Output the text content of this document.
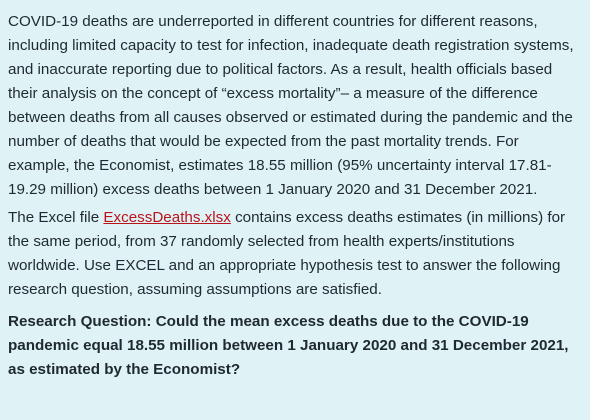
COVID-19 deaths are underreported in different countries for different reasons, including limited capacity to test for infection, inadequate death registration systems, and inaccurate reporting due to political factors. As a result, health officials based their analysis on the concept of “excess mortality”– a measure of the difference between deaths from all causes observed or estimated during the pandemic and the number of deaths that would be expected from the past mortality trends. For example, the Economist, estimates 18.55 million (95% uncertainty interval 17.81-19.29 million) excess deaths between 1 January 2020 and 31 December 2021.

The Excel file ExcessDeaths.xlsx contains excess deaths estimates (in millions) for the same period, from 37 randomly selected from health experts/institutions worldwide. Use EXCEL and an appropriate hypothesis test to answer the following research question, assuming assumptions are satisfied.

Research Question: Could the mean excess deaths due to the COVID-19 pandemic equal 18.55 million between 1 January 2020 and 31 December 2021, as estimated by the Economist?
